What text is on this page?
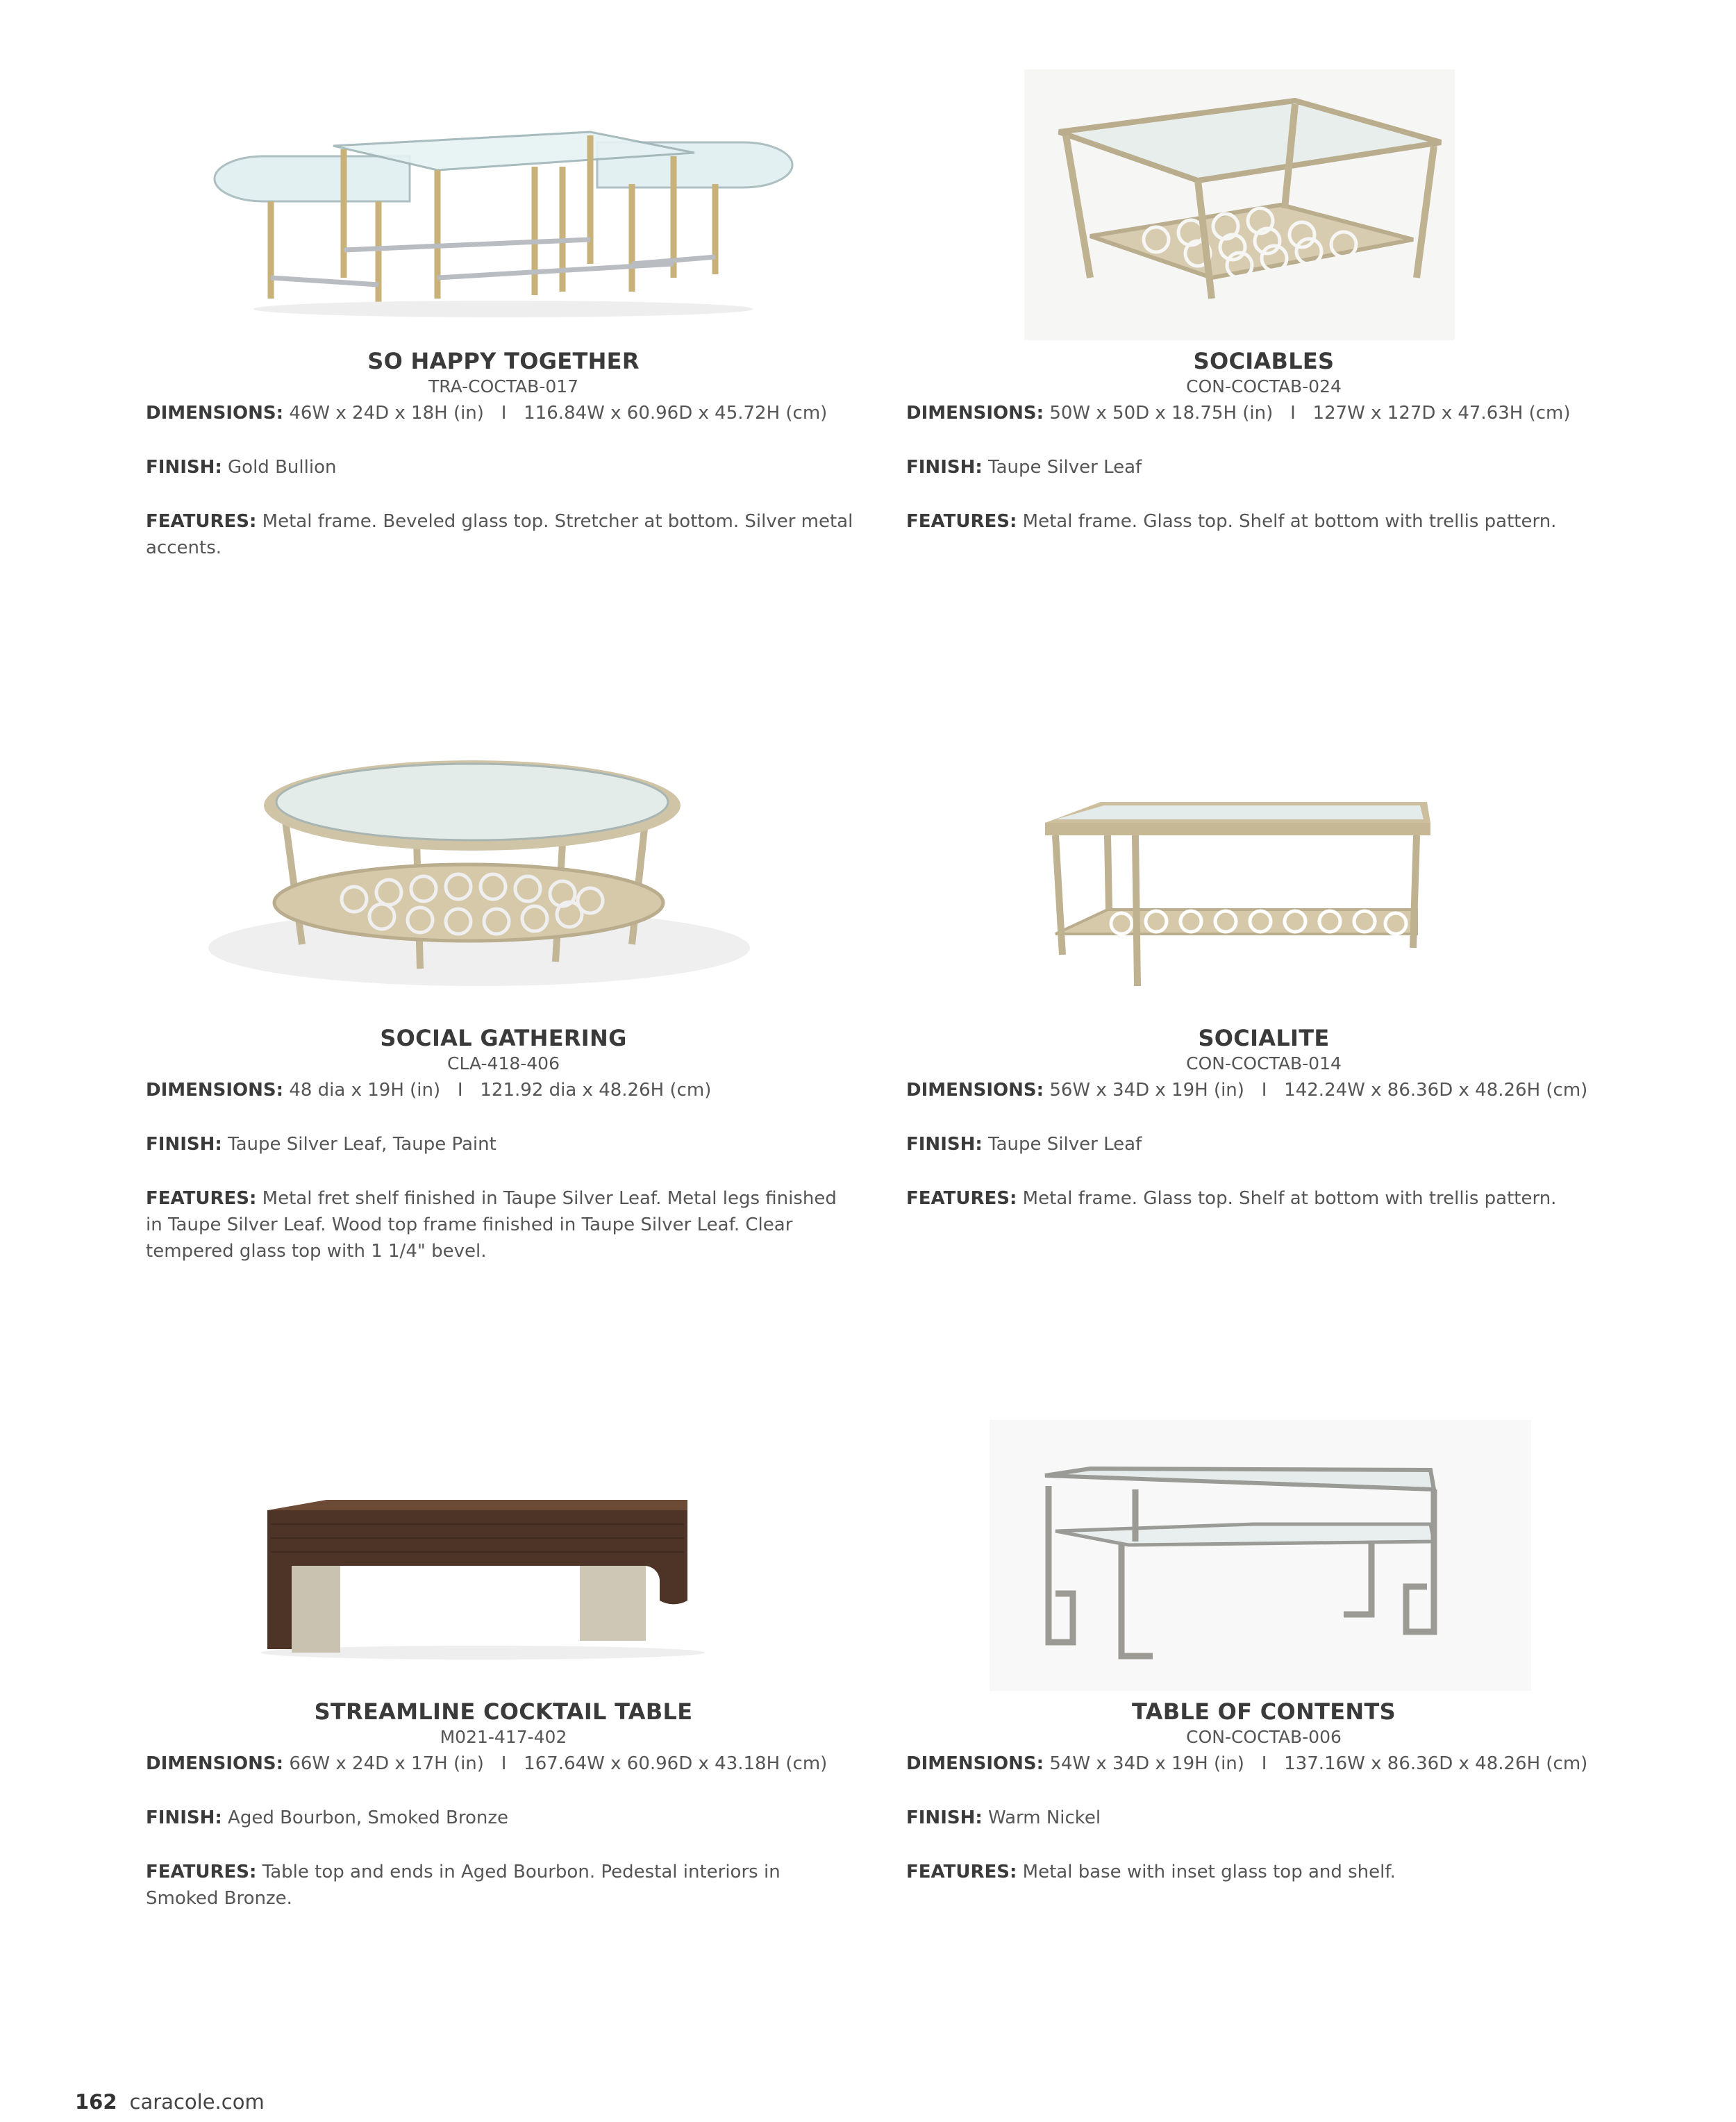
SO HAPPY TOGETHER
TRA-COCTAB-017
DIMENSIONS: 46W x 24D x 18H (in)   I   116.84W x 60.96D x 45.72H (cm)
FINISH: Gold Bullion
FEATURES: Metal frame. Beveled glass top. Stretcher at bottom. Silver metal
accents.
SOCIABLES
CON-COCTAB-024
DIMENSIONS: 50W x 50D x 18.75H (in)   I   127W x 127D x 47.63H (cm)
FINISH: Taupe Silver Leaf
FEATURES: Metal frame. Glass top. Shelf at bottom with trellis pattern.
SOCIAL GATHERING
CLA-418-406
DIMENSIONS: 48 dia x 19H (in)   I   121.92 dia x 48.26H (cm)
FINISH: Taupe Silver Leaf, Taupe Paint
FEATURES: Metal fret shelf finished in Taupe Silver Leaf. Metal legs finished
in Taupe Silver Leaf. Wood top frame finished in Taupe Silver Leaf. Clear
tempered glass top with 1 1/4" bevel.
SOCIALITE
CON-COCTAB-014
DIMENSIONS: 56W x 34D x 19H (in)   I   142.24W x 86.36D x 48.26H (cm)
FINISH: Taupe Silver Leaf
FEATURES: Metal frame. Glass top. Shelf at bottom with trellis pattern.
STREAMLINE COCKTAIL TABLE
M021-417-402
DIMENSIONS: 66W x 24D x 17H (in)   I   167.64W x 60.96D x 43.18H (cm)
FINISH: Aged Bourbon, Smoked Bronze
FEATURES: Table top and ends in Aged Bourbon. Pedestal interiors in
Smoked Bronze.
TABLE OF CONTENTS
CON-COCTAB-006
DIMENSIONS: 54W x 34D x 19H (in)   I   137.16W x 86.36D x 48.26H (cm)
FINISH: Warm Nickel
FEATURES: Metal base with inset glass top and shelf.
162 caracole.com
